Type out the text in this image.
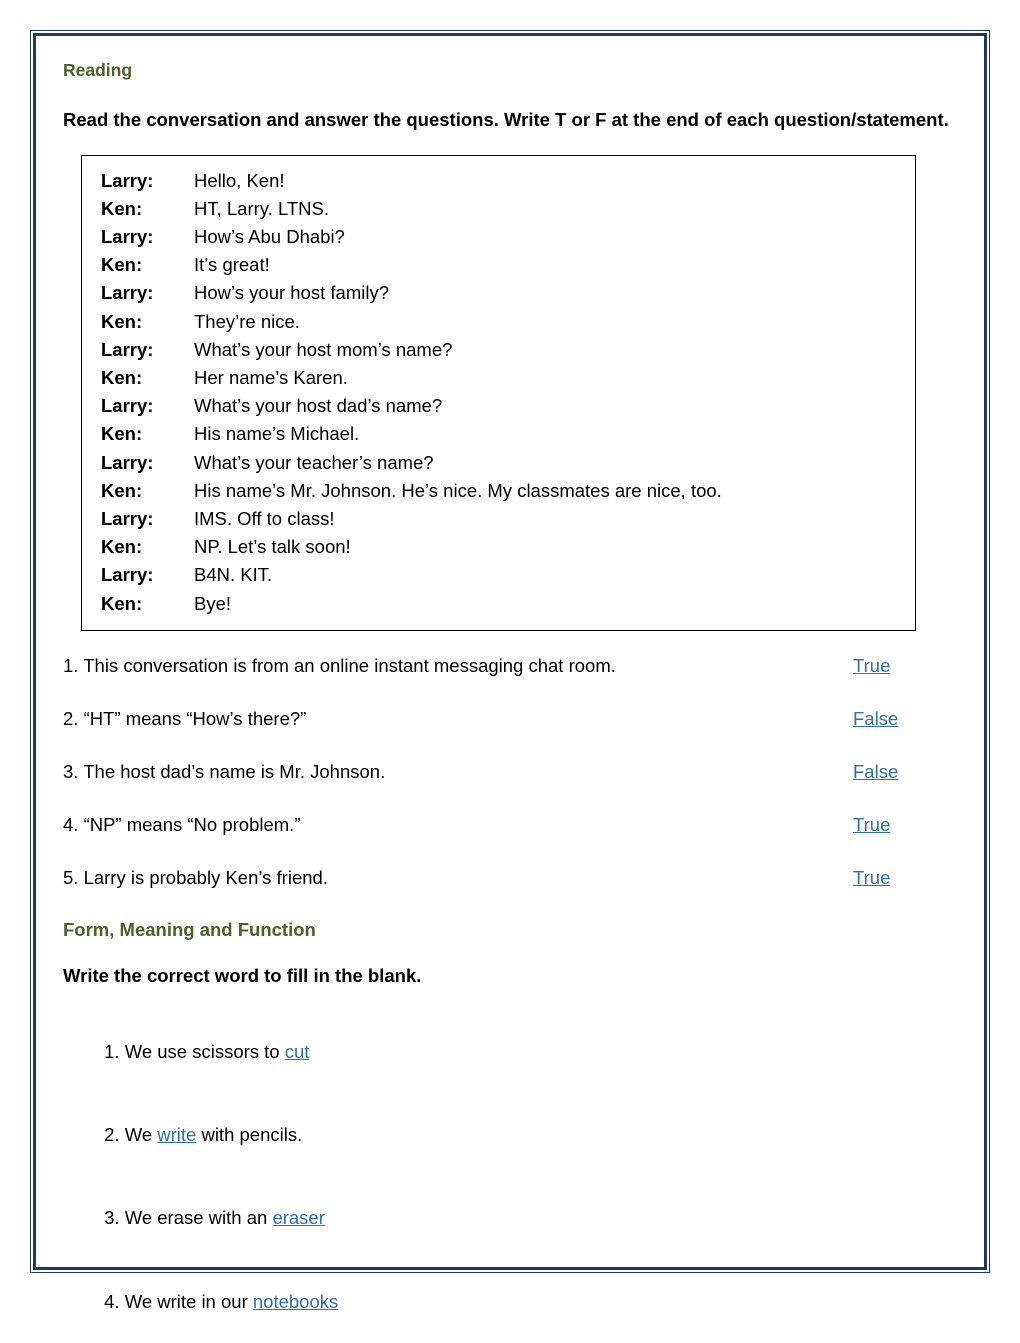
Reading
Read the conversation and answer the questions. Write T or F at the end of each question/statement.
Larry:	Hello, Ken!
Ken:	HT, Larry. LTNS.
Larry:	How’s Abu Dhabi?
Ken:	It’s great!
Larry:	How’s your host family?
Ken:	They’re nice.
Larry:	What’s your host mom’s name?
Ken:	Her name’s Karen.
Larry:	What’s your host dad’s name?
Ken:	His name’s Michael.
Larry:	What’s your teacher’s name?
Ken:	His name’s Mr. Johnson. He’s nice. My classmates are nice, too.
Larry:	IMS. Off to class!
Ken:	NP. Let’s talk soon!
Larry:	B4N. KIT.
Ken:	Bye!
1. This conversation is from an online instant messaging chat room.	True
2. “HT” means “How’s there?”	False
3. The host dad’s name is Mr. Johnson.	False
4. “NP” means “No problem.”	True
5. Larry is probably Ken’s friend.	True
Form, Meaning and Function
Write the correct word to fill in the blank.

1. We use scissors to cut

2. We write with pencils.

3. We erase with an eraser

4. We write in our notebooks
